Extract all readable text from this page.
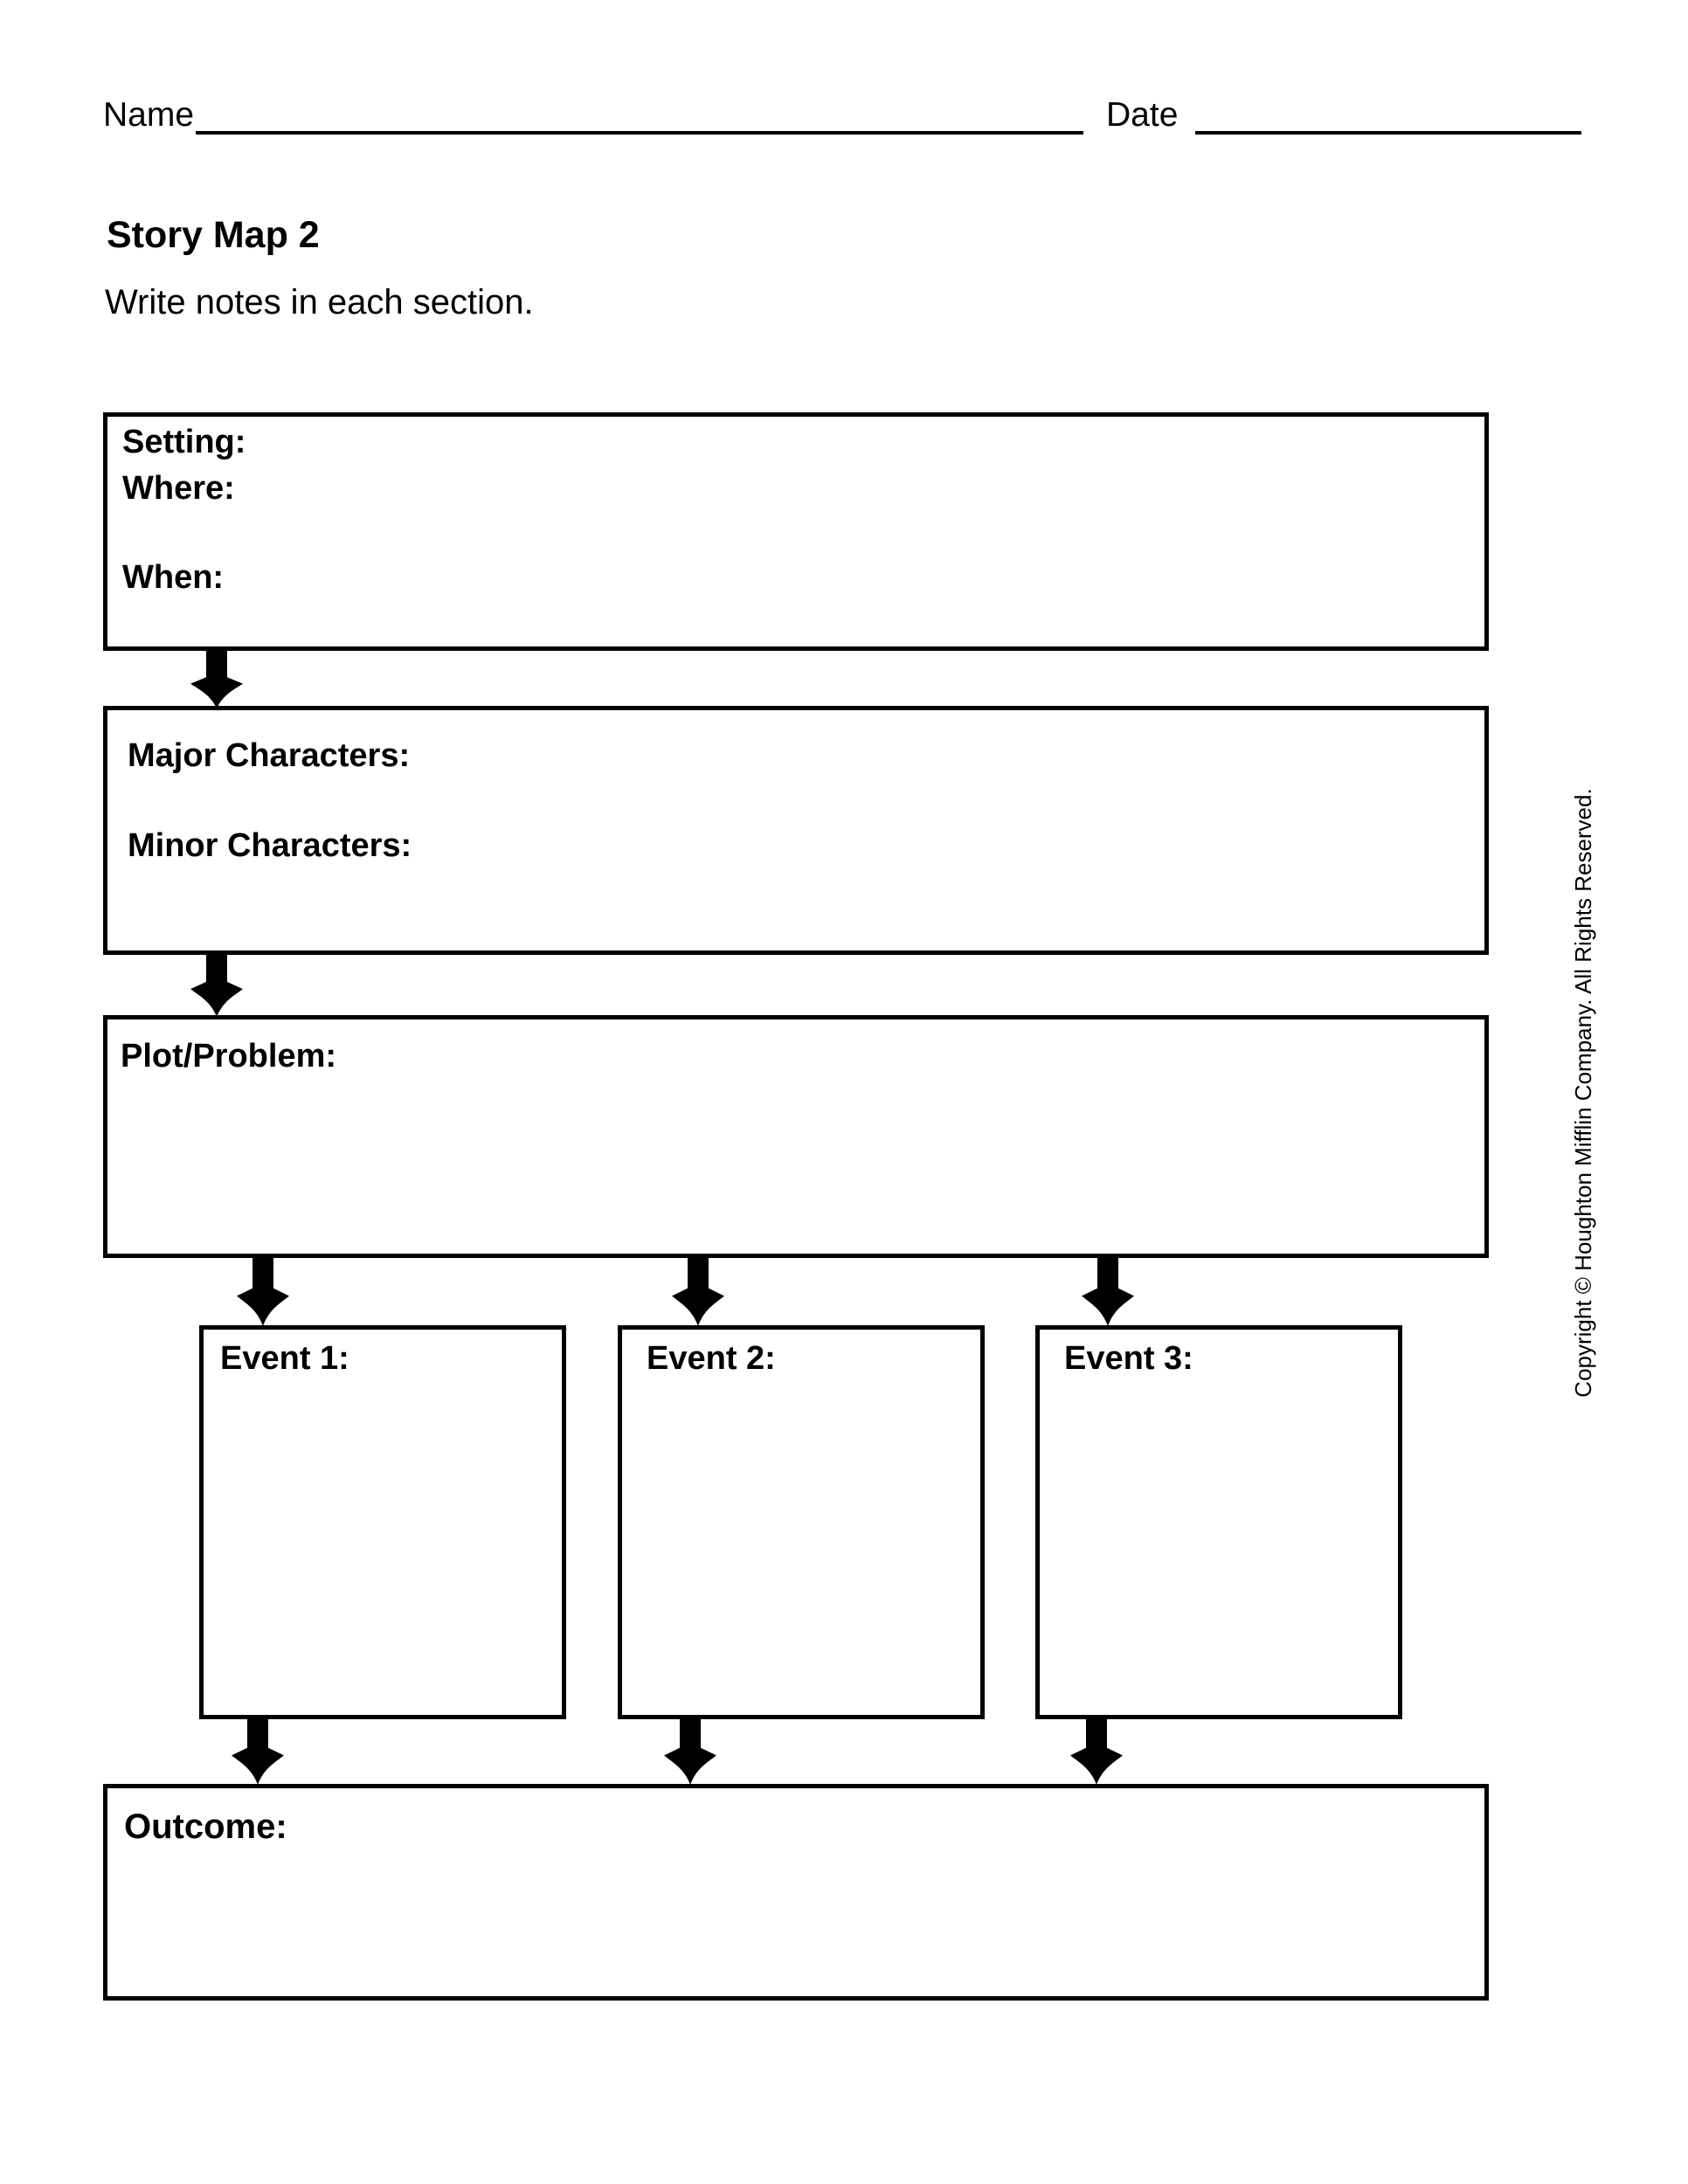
Name	Date
Story Map 2

Write notes in each section.

Setting:
Where:
When:
Major Characters:
Minor Characters:
Plot/Problem:
Event 1:	Event 2:	Event 3:
Outcome:
Copyright © Houghton Mifflin Company. All Rights Reserved.
